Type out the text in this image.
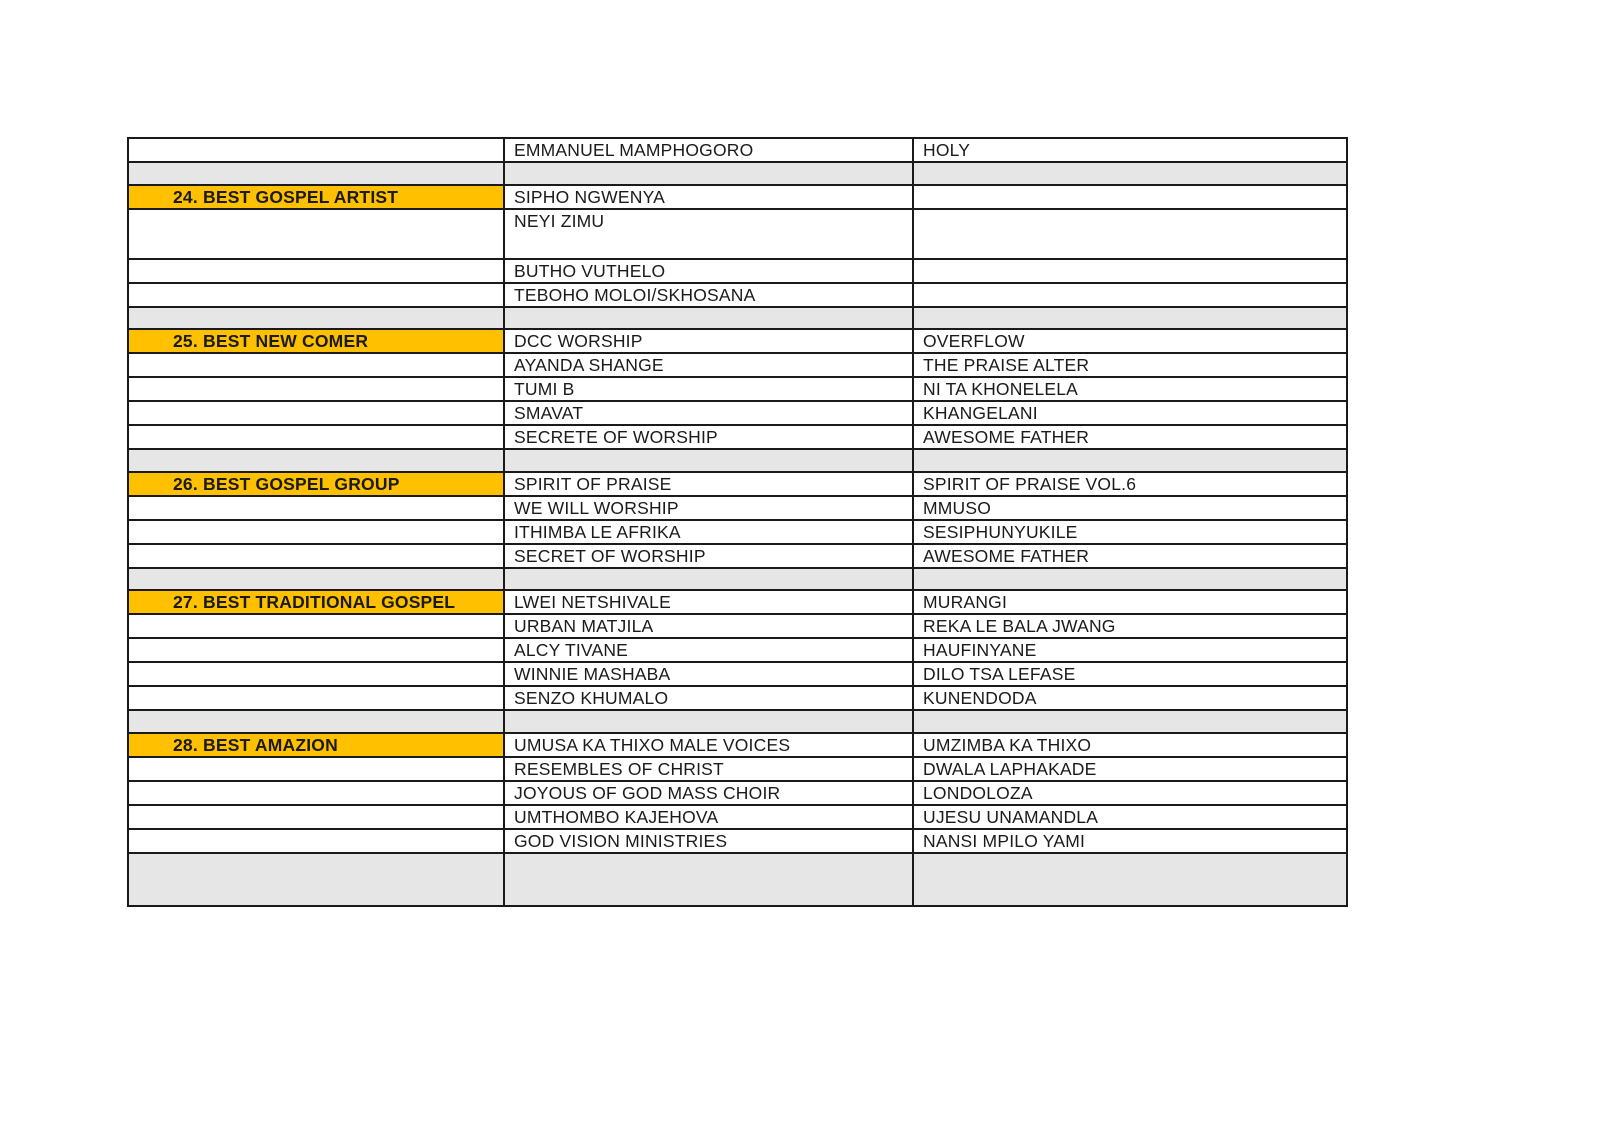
	EMMANUEL MAMPHOGORO	HOLY

24. BEST GOSPEL ARTIST	SIPHO NGWENYA	
	NEYI ZIMU	
	BUTHO VUTHELO	
	TEBOHO MOLOI/SKHOSANA	

25. BEST NEW COMER	DCC WORSHIP	OVERFLOW
	AYANDA SHANGE	THE PRAISE ALTER
	TUMI B	NI TA KHONELELA
	SMAVAT	KHANGELANI
	SECRETE OF WORSHIP	AWESOME FATHER

26. BEST GOSPEL GROUP	SPIRIT OF PRAISE	SPIRIT OF PRAISE VOL.6
	WE WILL WORSHIP	MMUSO
	ITHIMBA LE AFRIKA	SESIPHUNYUKILE
	SECRET OF WORSHIP	AWESOME FATHER

27. BEST TRADITIONAL GOSPEL	LWEI NETSHIVALE	MURANGI
	URBAN MATJILA	REKA LE BALA JWANG
	ALCY TIVANE	HAUFINYANE
	WINNIE MASHABA	DILO TSA LEFASE
	SENZO KHUMALO	KUNENDODA

28. BEST AMAZION	UMUSA KA THIXO MALE VOICES	UMZIMBA KA THIXO
	RESEMBLES OF CHRIST	DWALA LAPHAKADE
	JOYOUS OF GOD MASS CHOIR	LONDOLOZA
	UMTHOMBO KAJEHOVA	UJESU UNAMANDLA
	GOD VISION MINISTRIES	NANSI MPILO YAMI
